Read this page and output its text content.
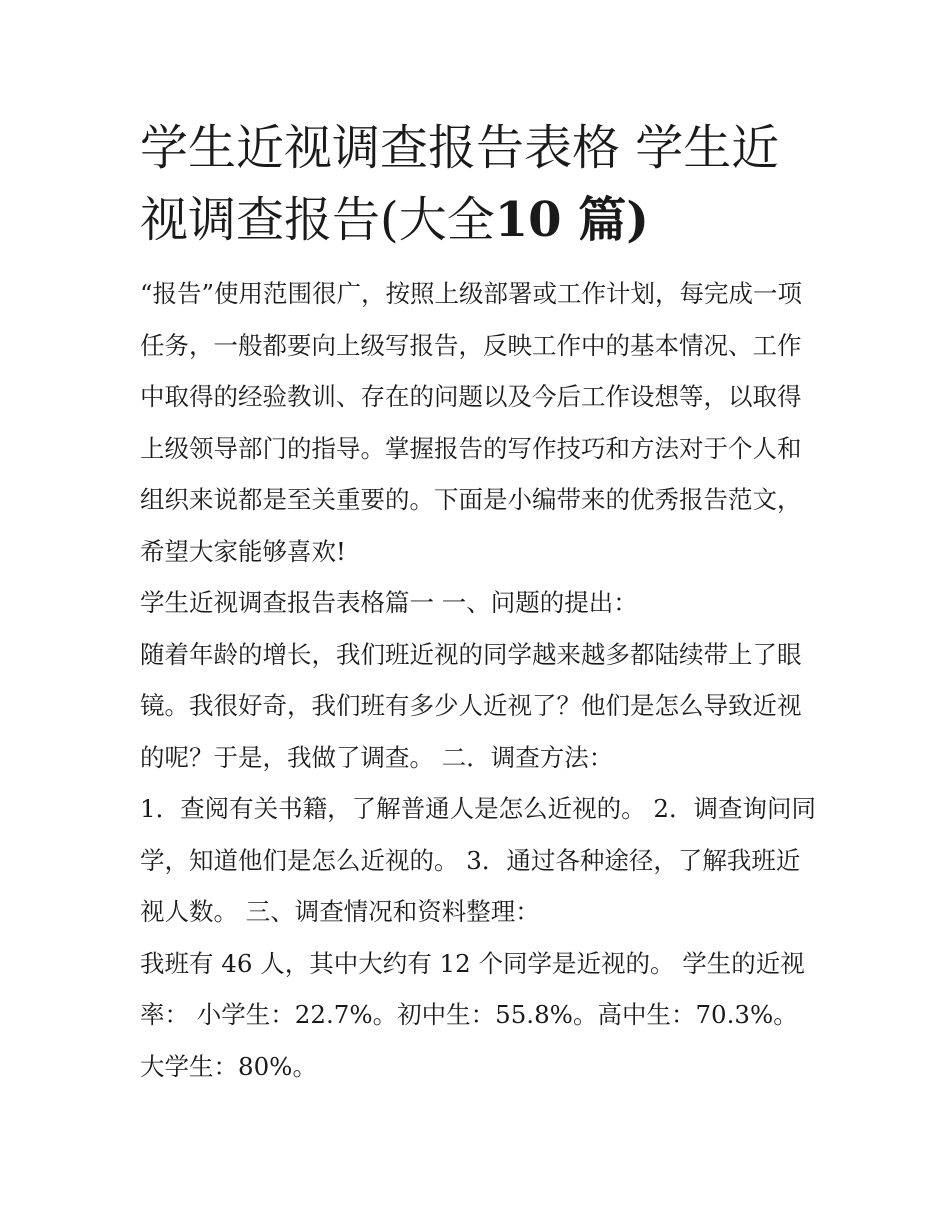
学生近视调查报告表格 学生近视调查报告(大全10 篇)

“报告”使用范围很广，按照上级部署或工作计划，每完成一项任务，一般都要向上级写报告，反映工作中的基本情况、工作中取得的经验教训、存在的问题以及今后工作设想等，以取得上级领导部门的指导。掌握报告的写作技巧和方法对于个人和组织来说都是至关重要的。下面是小编带来的优秀报告范文，希望大家能够喜欢!

学生近视调查报告表格篇一 一、问题的提出：

随着年龄的增长，我们班近视的同学越来越多都陆续带上了眼镜。我很好奇，我们班有多少人近视了？他们是怎么导致近视的呢？于是，我做了调查。 二．调查方法：

1．查阅有关书籍，了解普通人是怎么近视的。 2．调查询问同学，知道他们是怎么近视的。 3．通过各种途径，了解我班近视人数。 三、调查情况和资料整理：

我班有 46 人，其中大约有 12 个同学是近视的。 学生的近视率： 小学生：22.7%。初中生：55.8%。高中生：70.3%。大学生：80%。
